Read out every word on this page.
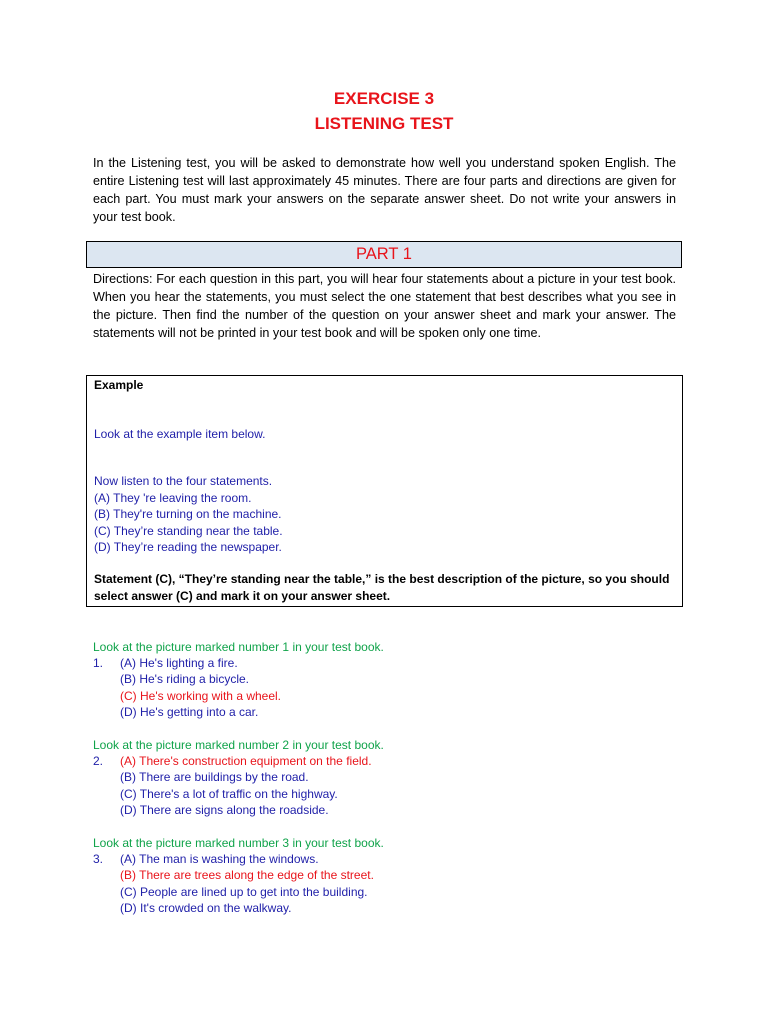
EXERCISE 3
LISTENING TEST
In the Listening test, you will be asked to demonstrate how well you understand spoken English. The entire Listening test will last approximately 45 minutes. There are four parts and directions are given for each part. You must mark your answers on the separate answer sheet. Do not write your answers in your test book.
PART 1
Directions: For each question in this part, you will hear four statements about a picture in your test book. When you hear the statements, you must select the one statement that best describes what you see in the picture. Then find the number of the question on your answer sheet and mark your answer. The statements will not be printed in your test book and will be spoken only one time.
Example
Look at the example item below.
Now listen to the four statements.
(A) They 're leaving the room.
(B) They're turning on the machine.
(C) They’re standing near the table.
(D) They’re reading the newspaper.
Statement (C), “They’re standing near the table,” is the best description of the picture, so you should select answer (C) and mark it on your answer sheet.
Look at the picture marked number 1 in your test book.
1. (A) He's lighting a fire.
(B) He's riding a bicycle.
(C) He's working with a wheel.
(D) He's getting into a car.
Look at the picture marked number 2 in your test book.
2. (A) There's construction equipment on the field.
(B) There are buildings by the road.
(C) There's a lot of traffic on the highway.
(D) There are signs along the roadside.
Look at the picture marked number 3 in your test book.
3. (A) The man is washing the windows.
(B) There are trees along the edge of the street.
(C) People are lined up to get into the building.
(D) It's crowded on the walkway.
